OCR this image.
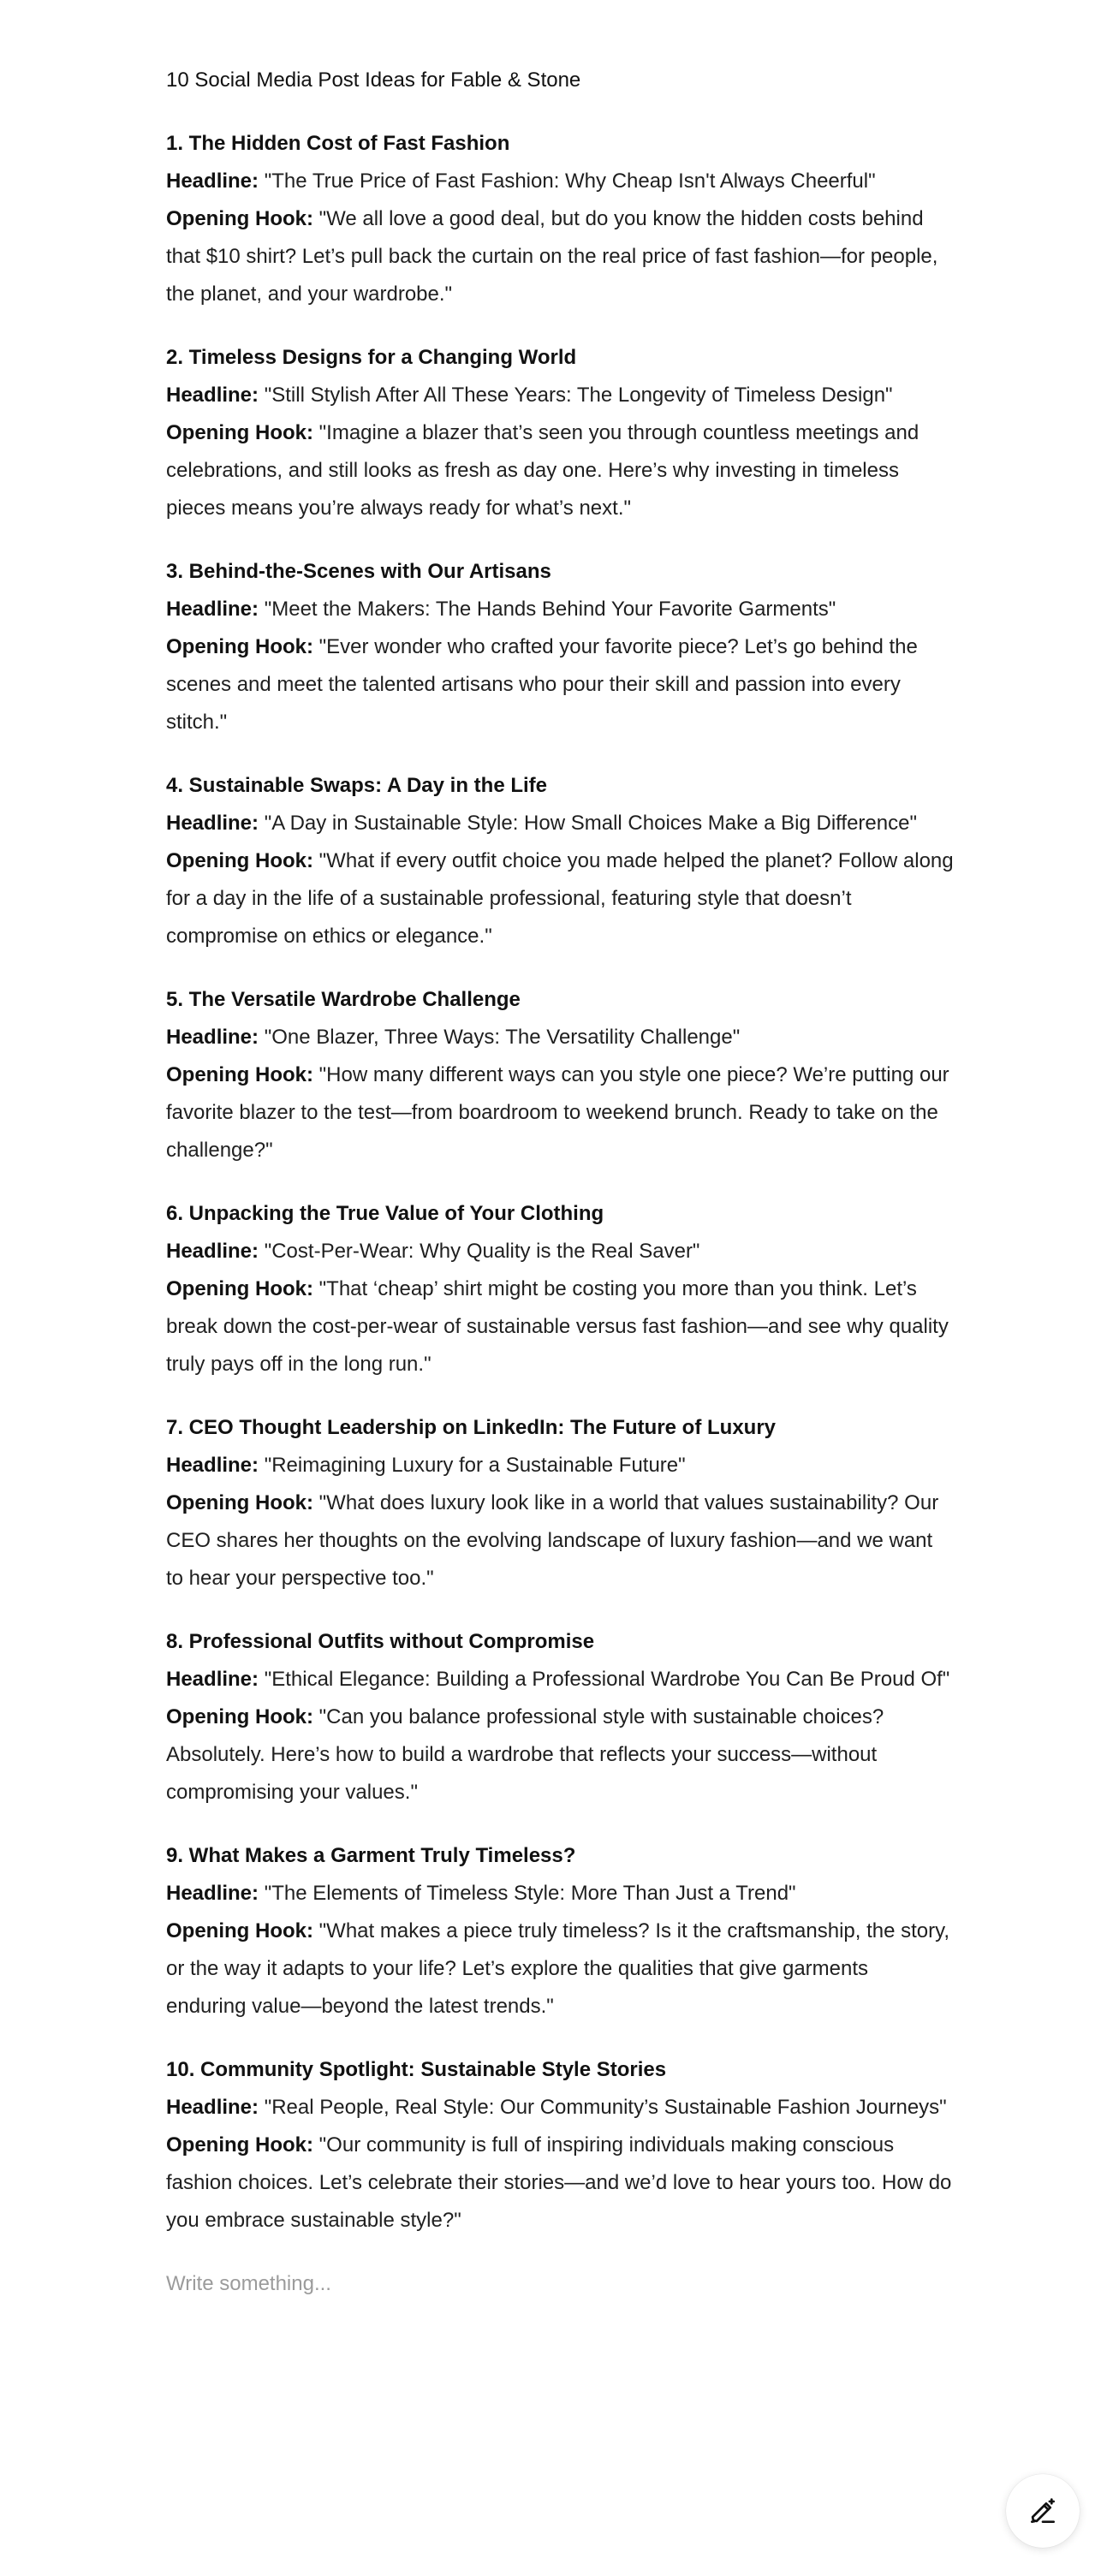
10 Social Media Post Ideas for Fable & Stone

1. The Hidden Cost of Fast Fashion

Headline: "The True Price of Fast Fashion: Why Cheap Isn't Always Cheerful"

Opening Hook: "We all love a good deal, but do you know the hidden costs behind that $10 shirt? Let’s pull back the curtain on the real price of fast fashion—for people, the planet, and your wardrobe."

2. Timeless Designs for a Changing World

Headline: "Still Stylish After All These Years: The Longevity of Timeless Design"

Opening Hook: "Imagine a blazer that’s seen you through countless meetings and celebrations, and still looks as fresh as day one. Here’s why investing in timeless pieces means you’re always ready for what’s next."

3. Behind-the-Scenes with Our Artisans

Headline: "Meet the Makers: The Hands Behind Your Favorite Garments"

Opening Hook: "Ever wonder who crafted your favorite piece? Let’s go behind the scenes and meet the talented artisans who pour their skill and passion into every stitch."

4. Sustainable Swaps: A Day in the Life

Headline: "A Day in Sustainable Style: How Small Choices Make a Big Difference"

Opening Hook: "What if every outfit choice you made helped the planet? Follow along for a day in the life of a sustainable professional, featuring style that doesn’t compromise on ethics or elegance."

5. The Versatile Wardrobe Challenge

Headline: "One Blazer, Three Ways: The Versatility Challenge"

Opening Hook: "How many different ways can you style one piece? We’re putting our favorite blazer to the test—from boardroom to weekend brunch. Ready to take on the challenge?"

6. Unpacking the True Value of Your Clothing

Headline: "Cost-Per-Wear: Why Quality is the Real Saver"

Opening Hook: "That ‘cheap’ shirt might be costing you more than you think. Let’s break down the cost-per-wear of sustainable versus fast fashion—and see why quality truly pays off in the long run."

7. CEO Thought Leadership on LinkedIn: The Future of Luxury

Headline: "Reimagining Luxury for a Sustainable Future"

Opening Hook: "What does luxury look like in a world that values sustainability? Our CEO shares her thoughts on the evolving landscape of luxury fashion—and we want to hear your perspective too."

8. Professional Outfits without Compromise

Headline: "Ethical Elegance: Building a Professional Wardrobe You Can Be Proud Of"

Opening Hook: "Can you balance professional style with sustainable choices? Absolutely. Here’s how to build a wardrobe that reflects your success—without compromising your values."

9. What Makes a Garment Truly Timeless?

Headline: "The Elements of Timeless Style: More Than Just a Trend"

Opening Hook: "What makes a piece truly timeless? Is it the craftsmanship, the story, or the way it adapts to your life? Let’s explore the qualities that give garments enduring value—beyond the latest trends."

10. Community Spotlight: Sustainable Style Stories

Headline: "Real People, Real Style: Our Community’s Sustainable Fashion Journeys"

Opening Hook: "Our community is full of inspiring individuals making conscious fashion choices. Let’s celebrate their stories—and we’d love to hear yours too. How do you embrace sustainable style?"

Write something...
